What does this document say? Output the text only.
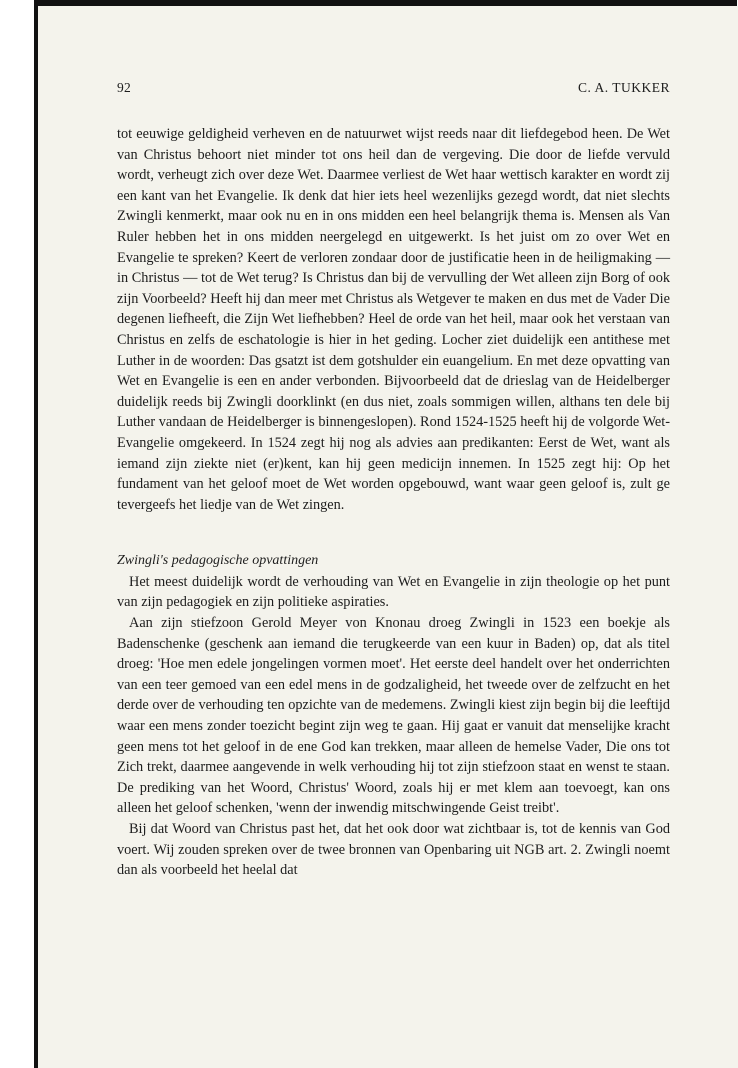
92	C. A. TUKKER

tot eeuwige geldigheid verheven en de natuurwet wijst reeds naar dit liefdegebod heen. De Wet van Christus behoort niet minder tot ons heil dan de vergeving. Die door de liefde vervuld wordt, verheugt zich over deze Wet. Daarmee verliest de Wet haar wettisch karakter en wordt zij een kant van het Evangelie. Ik denk dat hier iets heel wezenlijks gezegd wordt, dat niet slechts Zwingli kenmerkt, maar ook nu en in ons midden een heel belangrijk thema is. Mensen als Van Ruler hebben het in ons midden neergelegd en uitgewerkt. Is het juist om zo over Wet en Evangelie te spreken? Keert de verloren zondaar door de justificatie heen in de heiligmaking — in Christus — tot de Wet terug? Is Christus dan bij de vervulling der Wet alleen zijn Borg of ook zijn Voorbeeld? Heeft hij dan meer met Christus als Wetgever te maken en dus met de Vader Die degenen liefheeft, die Zijn Wet liefhebben? Heel de orde van het heil, maar ook het verstaan van Christus en zelfs de eschatologie is hier in het geding. Locher ziet duidelijk een antithese met Luther in de woorden: Das gsatzt ist dem gotshulder ein euangelium. En met deze opvatting van Wet en Evangelie is een en ander verbonden. Bijvoorbeeld dat de drieslag van de Heidelberger duidelijk reeds bij Zwingli doorklinkt (en dus niet, zoals sommigen willen, althans ten dele bij Luther vandaan de Heidelberger is binnengeslopen). Rond 1524-1525 heeft hij de volgorde Wet-Evangelie omgekeerd. In 1524 zegt hij nog als advies aan predikanten: Eerst de Wet, want als iemand zijn ziekte niet (er)kent, kan hij geen medicijn innemen. In 1525 zegt hij: Op het fundament van het geloof moet de Wet worden opgebouwd, want waar geen geloof is, zult ge tevergeefs het liedje van de Wet zingen.

Zwingli's pedagogische opvattingen

Het meest duidelijk wordt de verhouding van Wet en Evangelie in zijn theologie op het punt van zijn pedagogiek en zijn politieke aspiraties.

Aan zijn stiefzoon Gerold Meyer von Knonau droeg Zwingli in 1523 een boekje als Badenschenke (geschenk aan iemand die terugkeerde van een kuur in Baden) op, dat als titel droeg: 'Hoe men edele jongelingen vormen moet'. Het eerste deel handelt over het onderrichten van een teer gemoed van een edel mens in de godzaligheid, het tweede over de zelfzucht en het derde over de verhouding ten opzichte van de medemens. Zwingli kiest zijn begin bij die leeftijd waar een mens zonder toezicht begint zijn weg te gaan. Hij gaat er vanuit dat menselijke kracht geen mens tot het geloof in de ene God kan trekken, maar alleen de hemelse Vader, Die ons tot Zich trekt, daarmee aangevende in welk verhouding hij tot zijn stiefzoon staat en wenst te staan. De prediking van het Woord, Christus' Woord, zoals hij er met klem aan toevoegt, kan ons alleen het geloof schenken, 'wenn der inwendig mitschwingende Geist treibt'.

Bij dat Woord van Christus past het, dat het ook door wat zichtbaar is, tot de kennis van God voert. Wij zouden spreken over de twee bronnen van Openbaring uit NGB art. 2. Zwingli noemt dan als voorbeeld het heelal dat
